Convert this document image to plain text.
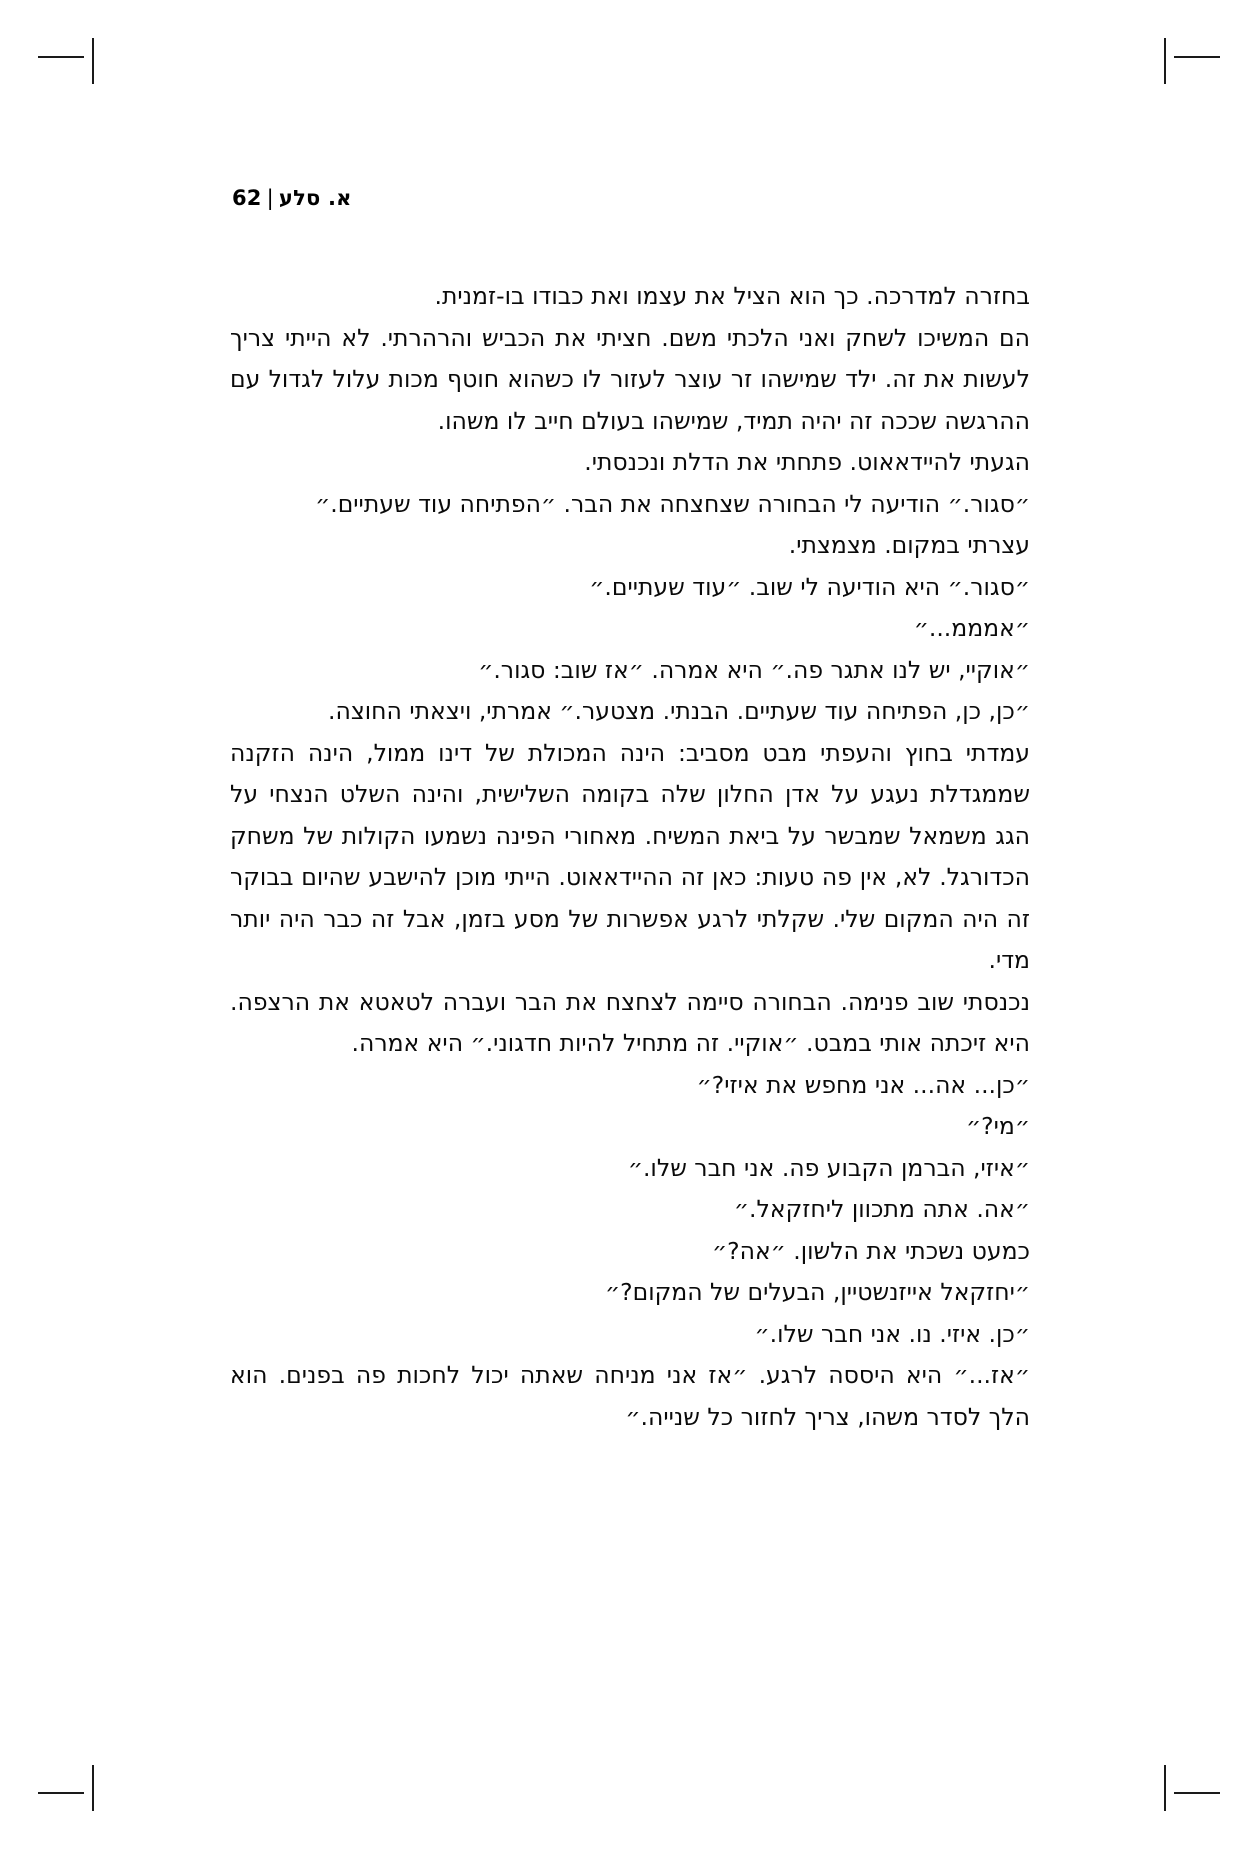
א. סלע|62

בחזרה למדרכה. כך הוא הציל את עצמו ואת כבודו בו-זמנית.

הם המשיכו לשחק ואני הלכתי משם. חציתי את הכביש והרהרתי. לא הייתי צריך לעשות את זה. ילד שמישהו זר עוצר לעזור לו כשהוא חוטף מכות עלול לגדול עם ההרגשה שככה זה יהיה תמיד, שמישהו בעולם חייב לו משהו.

הגעתי להיידאאוט. פתחתי את הדלת ונכנסתי.

״סגור.״ הודיעה לי הבחורה שצחצחה את הבר. ״הפתיחה עוד שעתיים.״

עצרתי במקום. מצמצתי.

״סגור.״ היא הודיעה לי שוב. ״עוד שעתיים.״

״אמממ...״

״אוקיי, יש לנו אתגר פה.״ היא אמרה. ״אז שוב: סגור.״

״כן, כן, הפתיחה עוד שעתיים. הבנתי. מצטער.״ אמרתי, ויצאתי החוצה.

עמדתי בחוץ והעפתי מבט מסביב: הינה המכולת של דינו ממול, הינה הזקנה שממגדלת נעגע על אדן החלון שלה בקומה השלישית, והינה השלט הנצחי על הגג משמאל שמבשר על ביאת המשיח. מאחורי הפינה נשמעו הקולות של משחק הכדורגל. לא, אין פה טעות: כאן זה ההיידאאוט. הייתי מוכן להישבע שהיום בבוקר זה היה המקום שלי. שקלתי לרגע אפשרות של מסע בזמן, אבל זה כבר היה יותר מדי.

נכנסתי שוב פנימה. הבחורה סיימה לצחצח את הבר ועברה לטאטא את הרצפה. היא זיכתה אותי במבט. ״אוקיי. זה מתחיל להיות חדגוני.״ היא אמרה.

״כן... אה... אני מחפש את איזי?״

״מי?״

״איזי, הברמן הקבוע פה. אני חבר שלו.״

״אה. אתה מתכוון ליחזקאל.״

כמעט נשכתי את הלשון. ״אה?״

״יחזקאל אייזנשטיין, הבעלים של המקום?״

״כן. איזי. נו. אני חבר שלו.״

״אז...״ היא היססה לרגע. ״אז אני מניחה שאתה יכול לחכות פה בפנים. הוא הלך לסדר משהו, צריך לחזור כל שנייה.״
